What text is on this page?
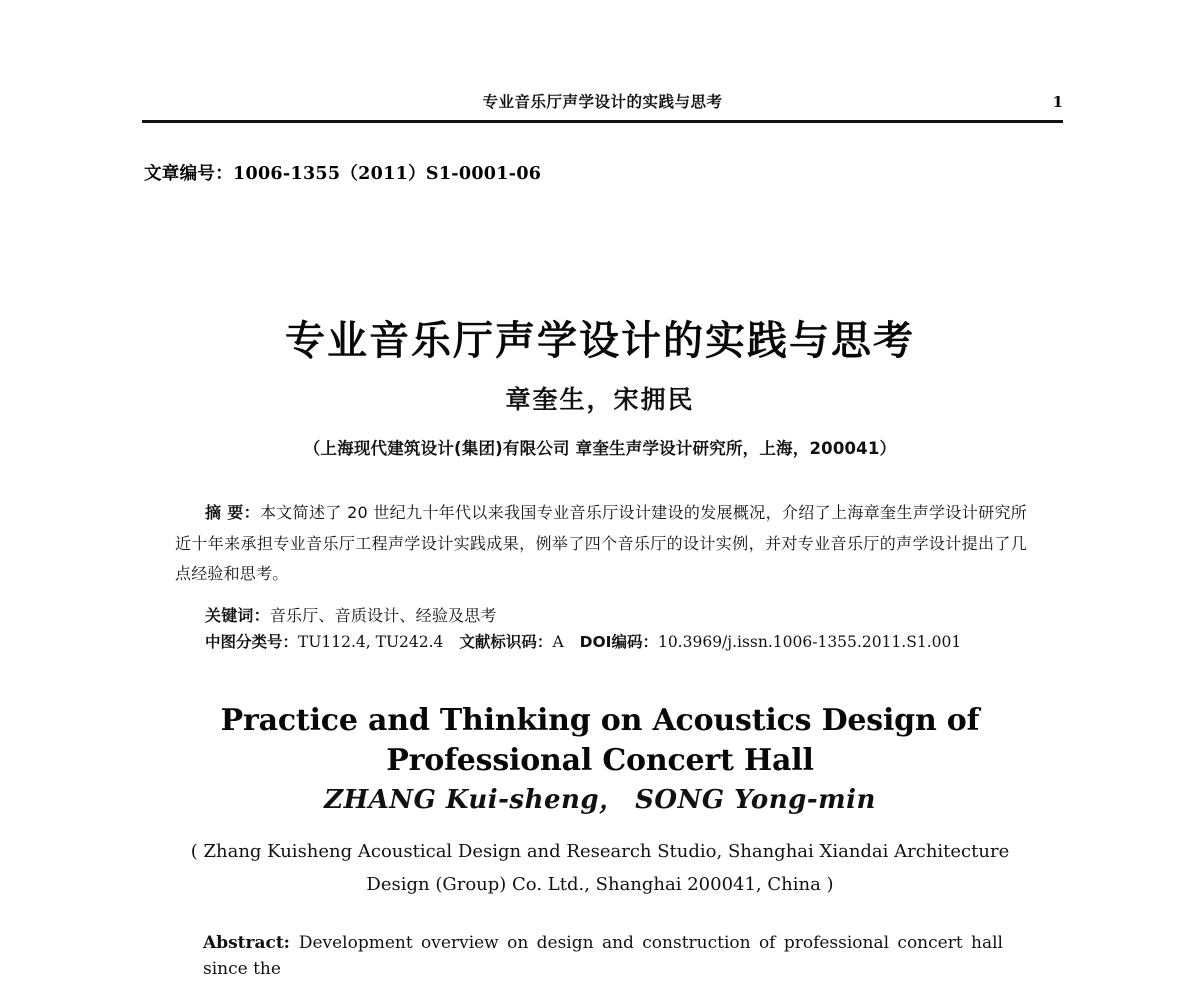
专业音乐厅声学设计的实践与思考	1
文章编号：1006-1355（2011）S1-0001-06
专业音乐厅声学设计的实践与思考
章奎生，宋拥民
（上海现代建筑设计(集团)有限公司 章奎生声学设计研究所，上海，200041）
摘 要：本文简述了 20 世纪九十年代以来我国专业音乐厅设计建设的发展概况，介绍了上海章奎生声学设计研究所近十年来承担专业音乐厅工程声学设计实践成果，例举了四个音乐厅的设计实例，并对专业音乐厅的声学设计提出了几点经验和思考。
关键词：音乐厅、音质设计、经验及思考
中图分类号：TU112.4, TU242.4 文献标识码：A DOI编码：10.3969/j.issn.1006-1355.2011.S1.001
Practice and Thinking on Acoustics Design of Professional Concert Hall
ZHANG Kui-sheng， SONG Yong-min
( Zhang Kuisheng Acoustical Design and Research Studio, Shanghai Xiandai Architecture Design (Group) Co. Ltd., Shanghai 200041, China )
Abstract: Development overview on design and construction of professional concert hall since the
